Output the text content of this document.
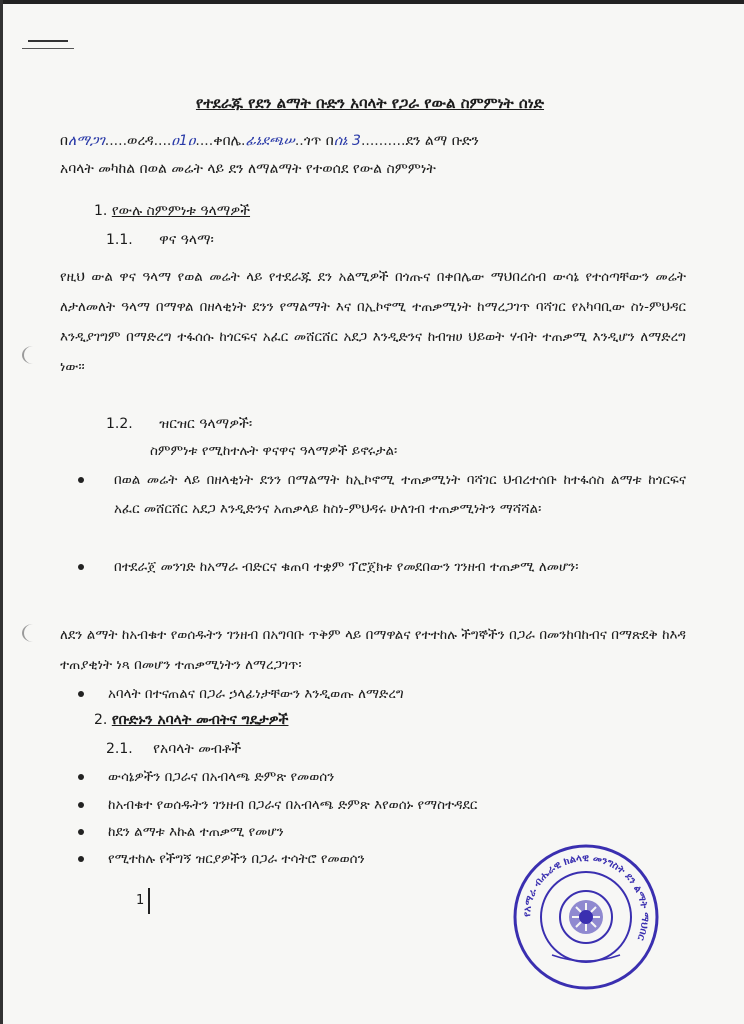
የተደራጁ የደን ልማት ቡድን አባላት የጋራ የውል ስምምነት ሰነድ
በለማጋገ.....ወረዳ....ዐ1ዐ....ቀበሌ.ፊኔደጫሠ..ጎጥ በሰኔ 3..........ደን ልማ ቡድን
አባላት መካከል በወል መሬት ላይ ደን ለማልማት የተወሰደ የውል ስምምነት
1. የውሉ ስምምነቱ ዓላማዎች
1.1. ዋና ዓላማ፡
የዚህ ውል ዋና ዓላማ የወል መሬት ላይ የተደራጁ ደን አልሚዎች በጎጡና በቀበሌው ማህበረሰብ ውሳኔ የተሰጣቸውን መሬት ለታለመለት ዓላማ በማዋል በዘላቂነት ደንን የማልማት እና በኢኮኖሚ ተጠቃሚነት ከማረጋገጥ ባሻገር የአካባቢው ስነ-ምህዳር እንዲያገግም በማድረግ ተፋሰሱ ከጎርፍና አፈር መሸርሸር አደጋ እንዲድንና ከብዝሀ ህይወት ሃብት ተጠቃሚ እንዲሆን ለማድረግ ነው፡፡
1.2. ዝርዝር ዓላማዎች፡
ስምምነቱ የሚከተሉት ዋናዋና ዓላማዎች ይኖሩታል፡
በወል መሬት ላይ በዘላቂነት ደንን በማልማት ከኢኮኖሚ ተጠቃሚነት ባሻገር ህብረተሰቡ ከተፋሰስ ልማቱ ከጎርፍና አፈር መሸርሸር አደጋ እንዲድንና አጠቃላይ ከስነ-ምህዳሩ ሁለገብ ተጠቃሚነትን ማሻሻል፡
በተደራጀ መንገድ ከአማራ ብድርና ቁጠባ ተቋም ፕሮጀክቱ የመደበውን ገንዘብ ተጠቃሚ ለመሆን፡
ለደን ልማት ከአብቁተ የወሰዱትን ገንዘብ በአግባቡ ጥቅም ላይ በማዋልና የተተከሉ ችግኞችን በጋራ በመንከባከብና በማጽደቅ ከእዳ ተጠያቂነት ነጻ በመሆን ተጠቃሚነትን ለማረጋገጥ፡
አባላት በተናጠልና በጋራ ኃላፊነታቸውን እንዲወጡ ለማድረግ
2. የቡድኑን አባላት መብትና ግዴታዎች
2.1. የአባላት መብቶች
ውሳኔዎችን በጋራና በአብላጫ ድምጽ የመወሰን
ከአብቁተ የወሰዱትን ገንዘብ በጋራና በአብላጫ ድምጽ እየወሰኑ የማስተዳደር
ከደን ልማቱ እኩል ተጠቃሚ የመሆን
የሚተከሉ የችግኝ ዝርያዎችን በጋራ ተሳትሮ የመወሰን
1
የአማራ ብሔራዊ ክልላዊ መንግስት ደን ልማት ማህበር
